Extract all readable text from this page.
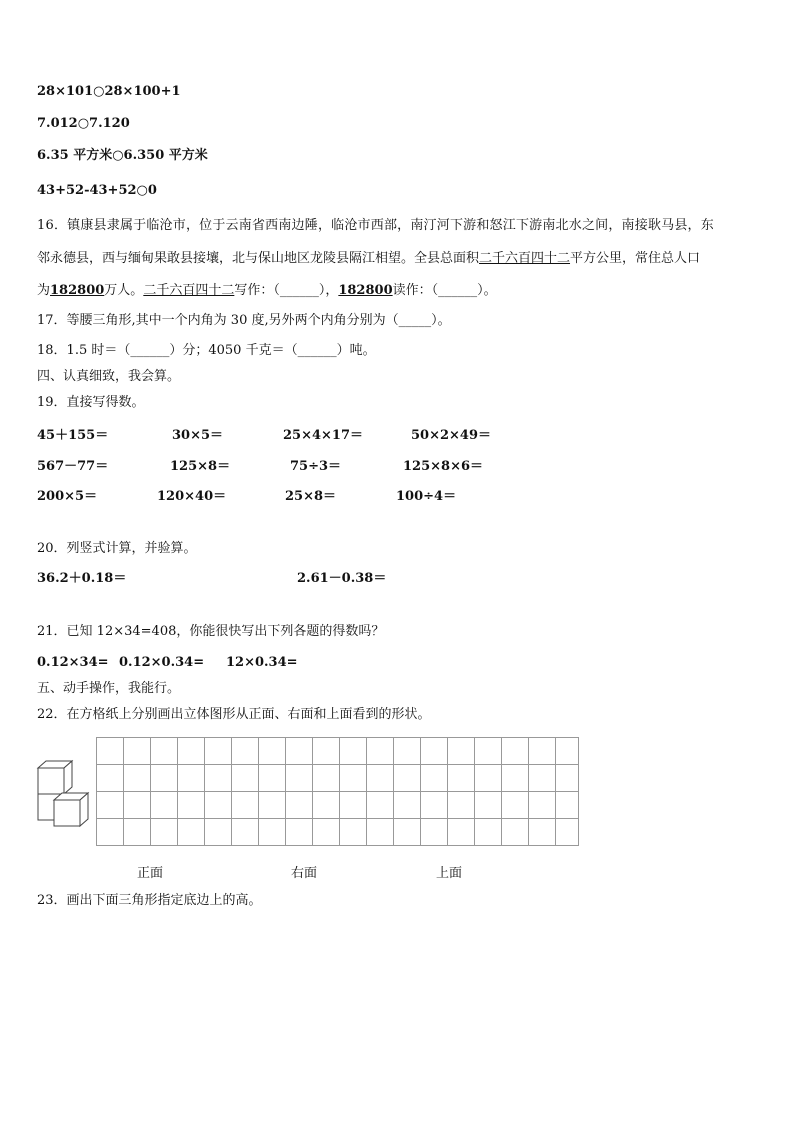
28×101○28×100+1
7.012○7.120
6.35 平方米○6.350 平方米
43+52-43+52○0
16．镇康县隶属于临沧市，位于云南省西南边陲，临沧市西部，南汀河下游和怒江下游南北水之间，南接耿马县，东
邻永德县，西与缅甸果敢县接壤，北与保山地区龙陵县隔江相望。全县总面积二千六百四十二平方公里，常住总人口
为182800万人。二千六百四十二写作：（______），182800读作：（______）。
17．等腰三角形,其中一个内角为 30 度,另外两个内角分别为（_____）。
18．1.5 时＝（______）分；4050 千克＝（______）吨。
四、认真细致，我会算。
19．直接写得数。
45＋155＝	30×5＝	25×4×17＝	50×2×49＝
567－77＝	125×8＝	75÷3＝	125×8×6＝
200×5＝	120×40＝	25×8＝	100÷4＝
20．列竖式计算，并验算。
36.2＋0.18＝	2.61－0.38＝
21．已知 12×34=408，你能很快写出下列各题的得数吗？
0.12×34= 0.12×0.34= 12×0.34=
五、动手操作，我能行。
22．在方格纸上分别画出立体图形从正面、右面和上面看到的形状。
正面	右面	上面
23．画出下面三角形指定底边上的高。
